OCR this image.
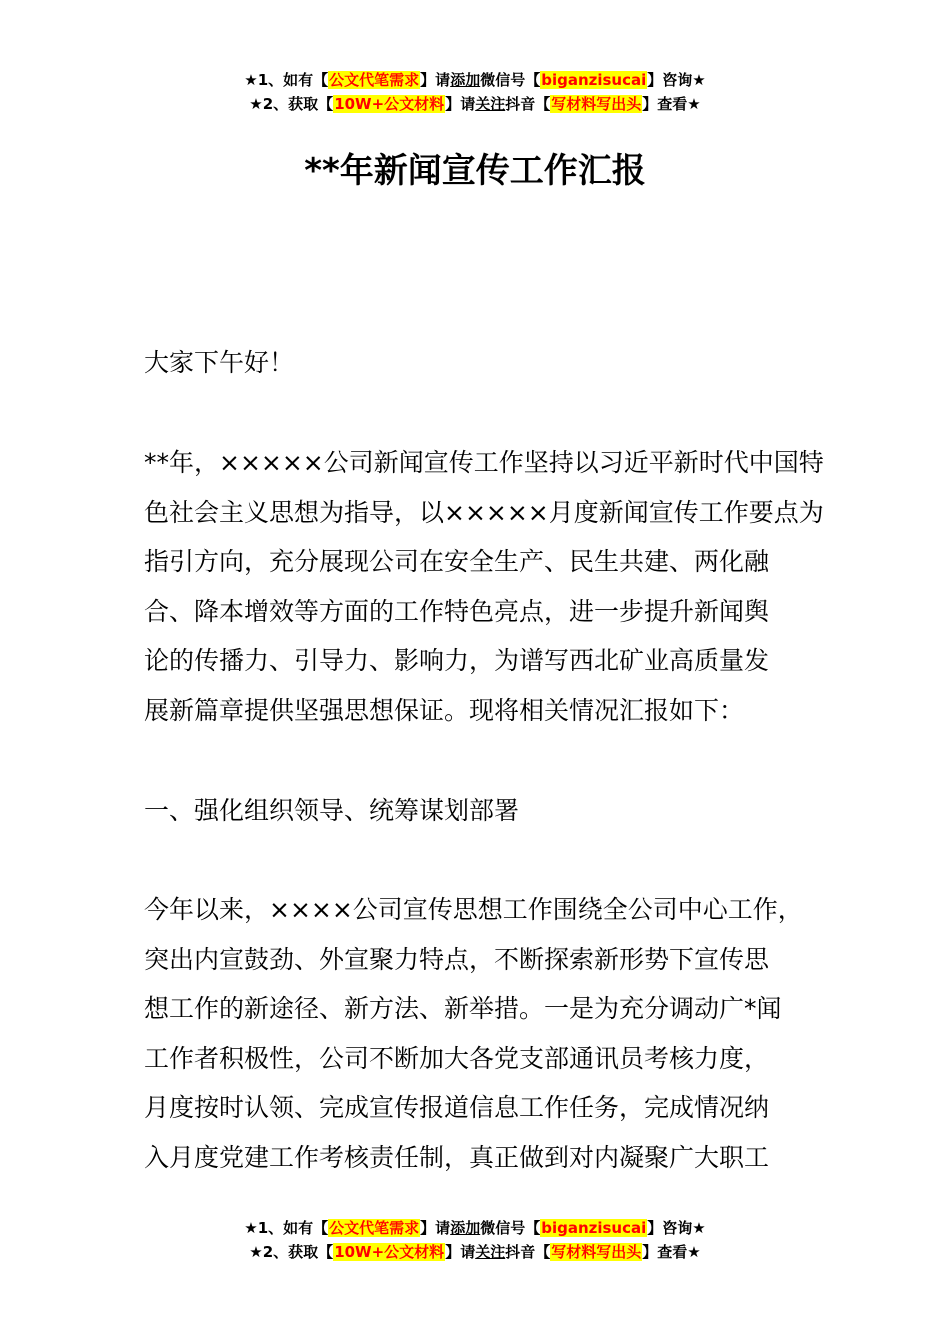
★1、如有【公文代笔需求】请添加微信号【biganzisucai】咨询★
★2、获取【10W+公文材料】请关注抖音【写材料写出头】查看★
**年新闻宣传工作汇报

大家下午好！

**年，×××××公司新闻宣传工作坚持以习近平新时代中国特
色社会主义思想为指导，以×××××月度新闻宣传工作要点为
指引方向，充分展现公司在安全生产、民生共建、两化融
合、降本增效等方面的工作特色亮点，进一步提升新闻舆
论的传播力、引导力、影响力，为谱写西北矿业高质量发
展新篇章提供坚强思想保证。现将相关情况汇报如下：

一、强化组织领导、统筹谋划部署

今年以来，××××公司宣传思想工作围绕全公司中心工作，
突出内宣鼓劲、外宣聚力特点，不断探索新形势下宣传思
想工作的新途径、新方法、新举措。一是为充分调动广*闻
工作者积极性，公司不断加大各党支部通讯员考核力度，
月度按时认领、完成宣传报道信息工作任务，完成情况纳
入月度党建工作考核责任制，真正做到对内凝聚广大职工

★1、如有【公文代笔需求】请添加微信号【biganzisucai】咨询★
★2、获取【10W+公文材料】请关注抖音【写材料写出头】查看★
